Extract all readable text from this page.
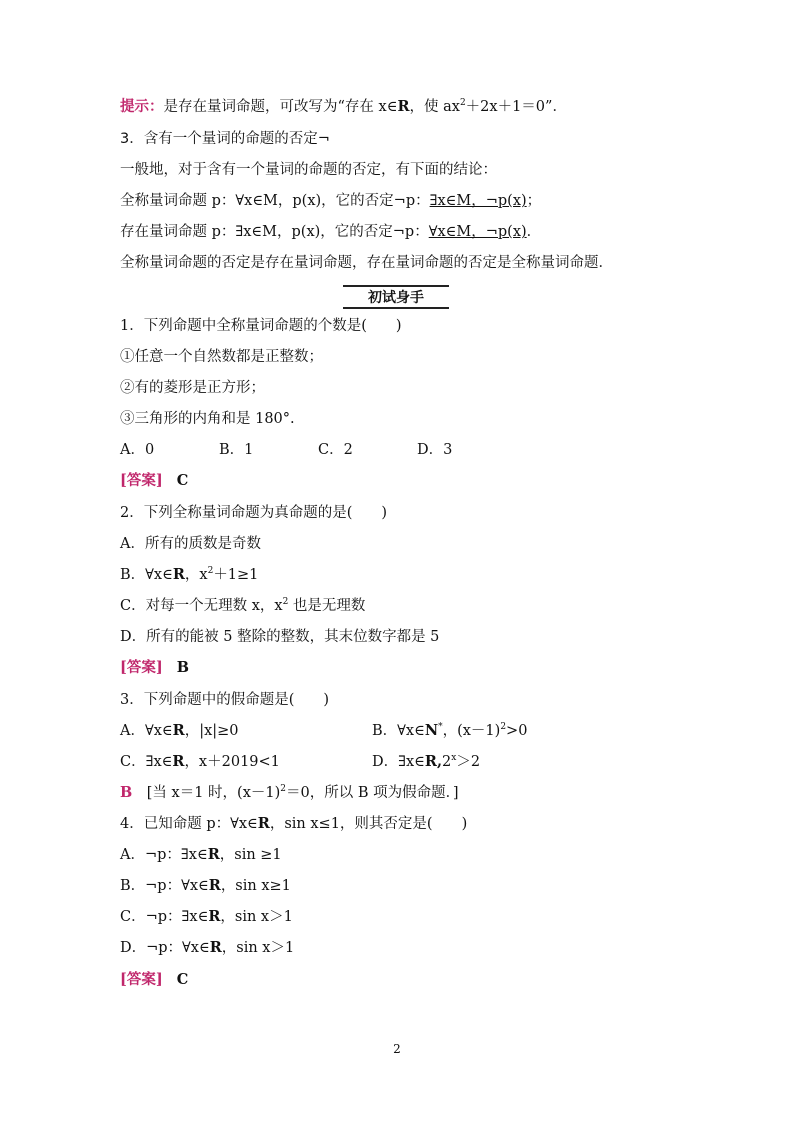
提示：是存在量词命题，可改写为“存在 x∈R，使 $ax^2+2x+1=0$”．
3．含有一个量词的命题的否定¬
一般地，对于含有一个量词的命题的否定，有下面的结论：
全称量词命题 p：∀x∈M，p(x)，它的否定¬p：∃x∈M，¬p(x)；
存在量词命题 p：∃x∈M，p(x)，它的否定¬p：∀x∈M，¬p(x)．
全称量词命题的否定是存在量词命题，存在量词命题的否定是全称量词命题．
初试身手
1．下列命题中全称量词命题的个数是(　　)
①任意一个自然数都是正整数；
②有的菱形是正方形；
③三角形的内角和是 180°.
A．0	B．1	C．2	D．3
[答案] C
2．下列全称量词命题为真命题的是(　　)
A．所有的质数是奇数
B．∀x∈R，$x^2+1\ge 1$
C．对每一个无理数 x，$x^2$ 也是无理数
D．所有的能被 5 整除的整数，其末位数字都是 5
[答案] B
3．下列命题中的假命题是(　　)
A．∀x∈R，|x|≥0	B．∀x∈N*，$(x-1)^2>0$
C．∃x∈R，x＋2019<1	D．$\exists x\in R,2^x>2$
B　[当 x＝1 时，$(x-1)^2=0$，所以 B 项为假命题．]
4．已知命题 p：∀x∈R，sin x≤1，则其否定是(　　)
A．¬p：∃x∈R，sin ≥1
B．¬p：∀x∈R，sin x≥1
C．¬p：∃x∈R，sin x＞1
D．¬p：∀x∈R，sin x＞1
[答案] C
2
